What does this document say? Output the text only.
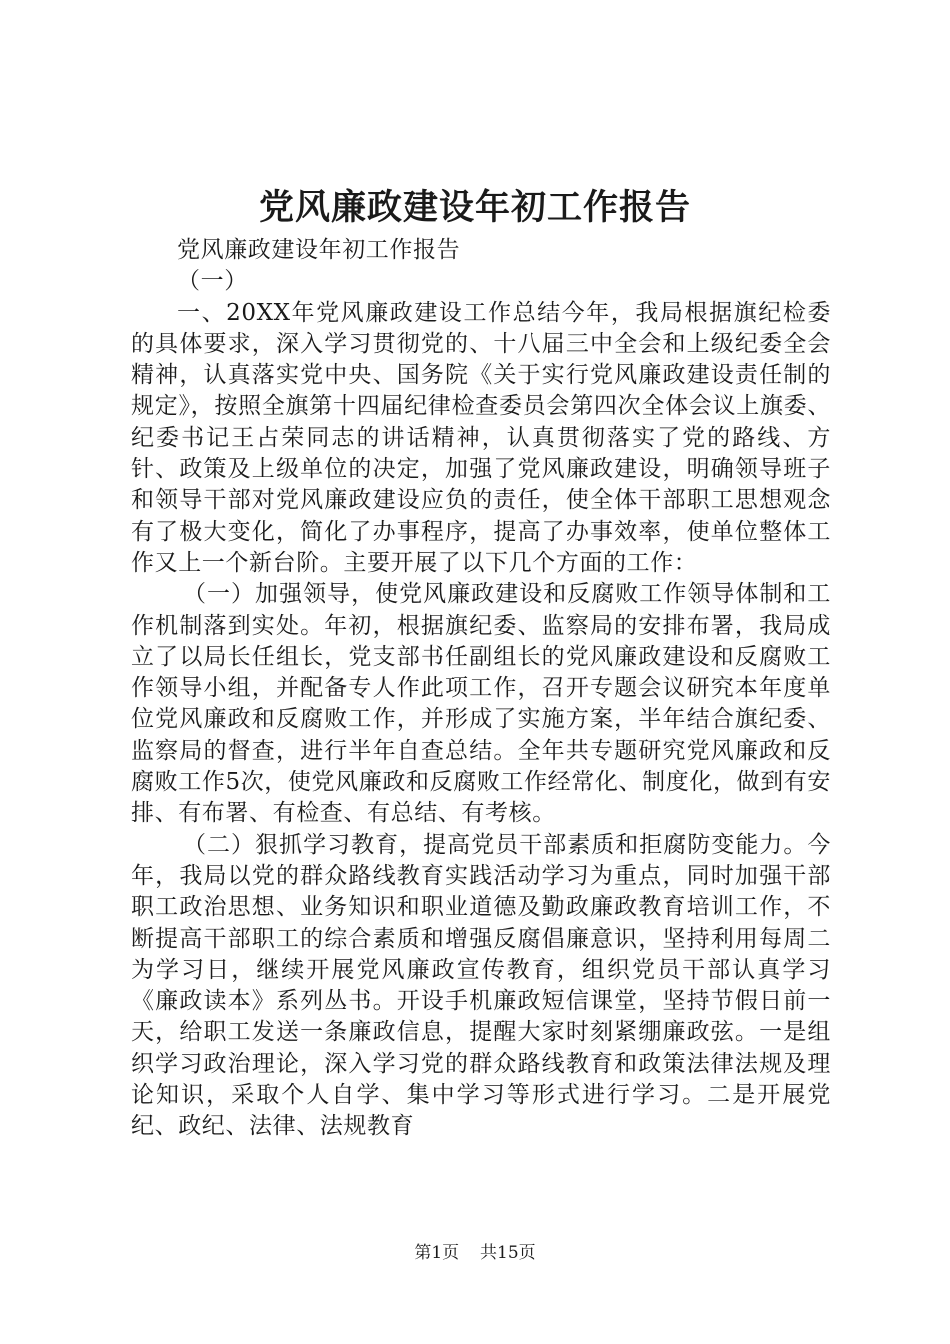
党风廉政建设年初工作报告

党风廉政建设年初工作报告

（一）

一、20XX年党风廉政建设工作总结今年，我局根据旗纪检委的具体要求，深入学习贯彻党的、十八届三中全会和上级纪委全会精神，认真落实党中央、国务院《关于实行党风廉政建设责任制的规定》，按照全旗第十四届纪律检查委员会第四次全体会议上旗委、纪委书记王占荣同志的讲话精神，认真贯彻落实了党的路线、方针、政策及上级单位的决定，加强了党风廉政建设，明确领导班子和领导干部对党风廉政建设应负的责任，使全体干部职工思想观念有了极大变化，简化了办事程序，提高了办事效率，使单位整体工作又上一个新台阶。主要开展了以下几个方面的工作：

（一）加强领导，使党风廉政建设和反腐败工作领导体制和工作机制落到实处。年初，根据旗纪委、监察局的安排布署，我局成立了以局长任组长，党支部书任副组长的党风廉政建设和反腐败工作领导小组，并配备专人作此项工作，召开专题会议研究本年度单位党风廉政和反腐败工作，并形成了实施方案，半年结合旗纪委、监察局的督查，进行半年自查总结。全年共专题研究党风廉政和反腐败工作5次，使党风廉政和反腐败工作经常化、制度化，做到有安排、有布署、有检查、有总结、有考核。

（二）狠抓学习教育，提高党员干部素质和拒腐防变能力。今年，我局以党的群众路线教育实践活动学习为重点，同时加强干部职工政治思想、业务知识和职业道德及勤政廉政教育培训工作，不断提高干部职工的综合素质和增强反腐倡廉意识，坚持利用每周二为学习日，继续开展党风廉政宣传教育，组织党员干部认真学习《廉政读本》系列丛书。开设手机廉政短信课堂，坚持节假日前一天，给职工发送一条廉政信息，提醒大家时刻紧绷廉政弦。一是组织学习政治理论，深入学习党的群众路线教育和政策法律法规及理论知识，采取个人自学、集中学习等形式进行学习。二是开展党纪、政纪、法律、法规教育

第1页 共15页
